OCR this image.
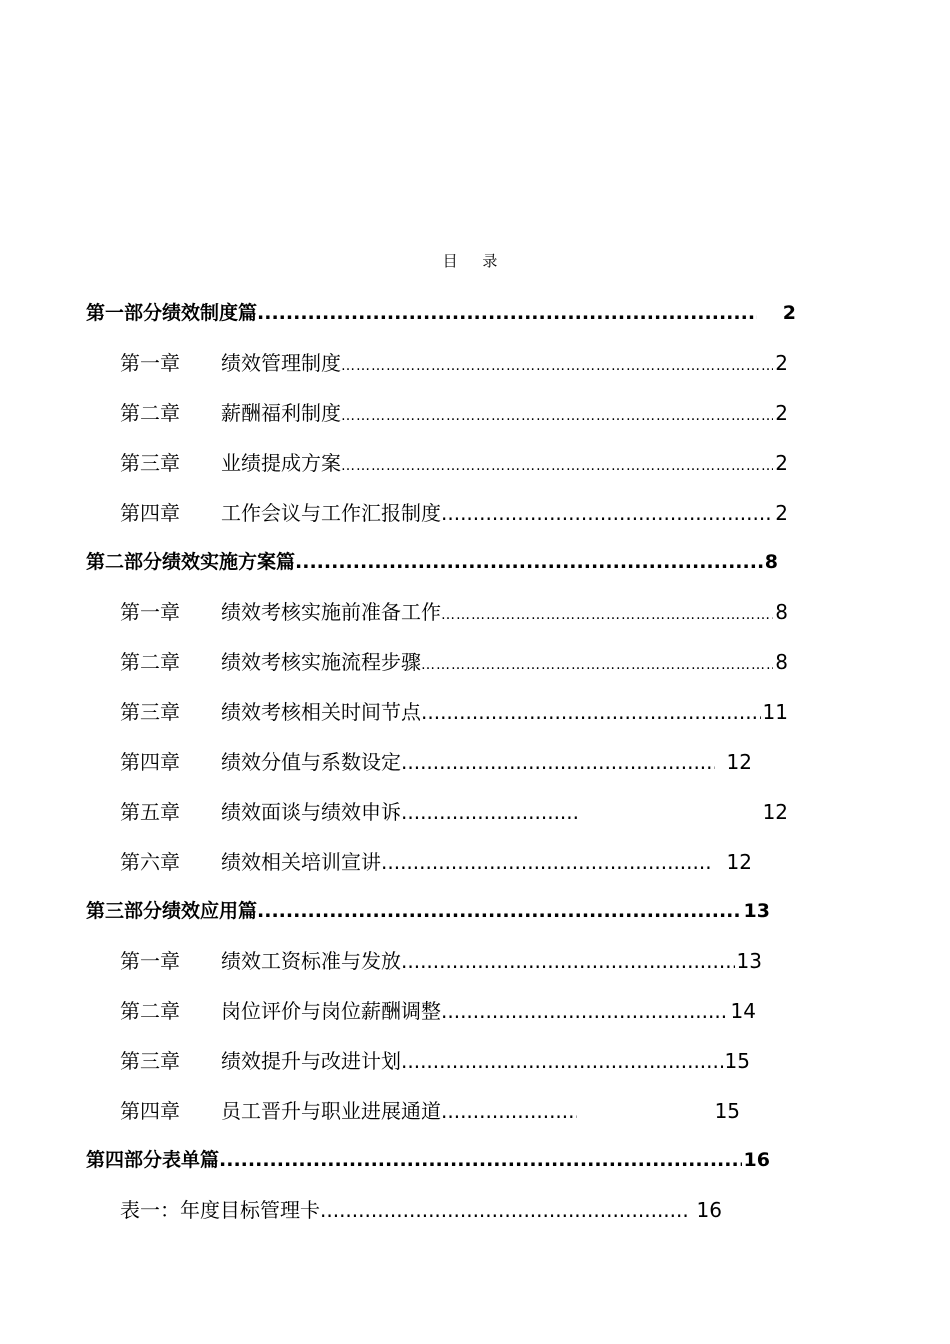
目 录
第一部分绩效制度篇 .....	2
第一章	绩效管理制度 …………………………………………………………………………………………………………………………………………………………………………………	2
第二章	薪酬福利制度 …………………………………………………………………………………………………………………………………………………………………………………	2
第三章	业绩提成方案 …………………………………………………………………………………………………………………………………………………………………………………	2
第四章	工作会议与工作汇报制度 .....	2
第二部分绩效实施方案篇 .....	8
第一章	绩效考核实施前准备工作 …………………………………………………………………………………………………………………………………………………………………………………	8
第二章	绩效考核实施流程步骤 …………………………………………………………………………………………………………………………………………………………………………………	8
第三章	绩效考核相关时间节点 .....	11
第四章	绩效分值与系数设定 .....	12
第五章	绩效面谈与绩效申诉 .....	12
第六章	绩效相关培训宣讲 .....	12
第三部分绩效应用篇 .....	13
第一章	绩效工资标准与发放 .....	13
第二章	岗位评价与岗位薪酬调整 .....	14
第三章	绩效提升与改进计划 .....	15
第四章	员工晋升与职业进展通道 .....	15
第四部分表单篇 .....	16
表一：年度目标管理卡 .....	16
